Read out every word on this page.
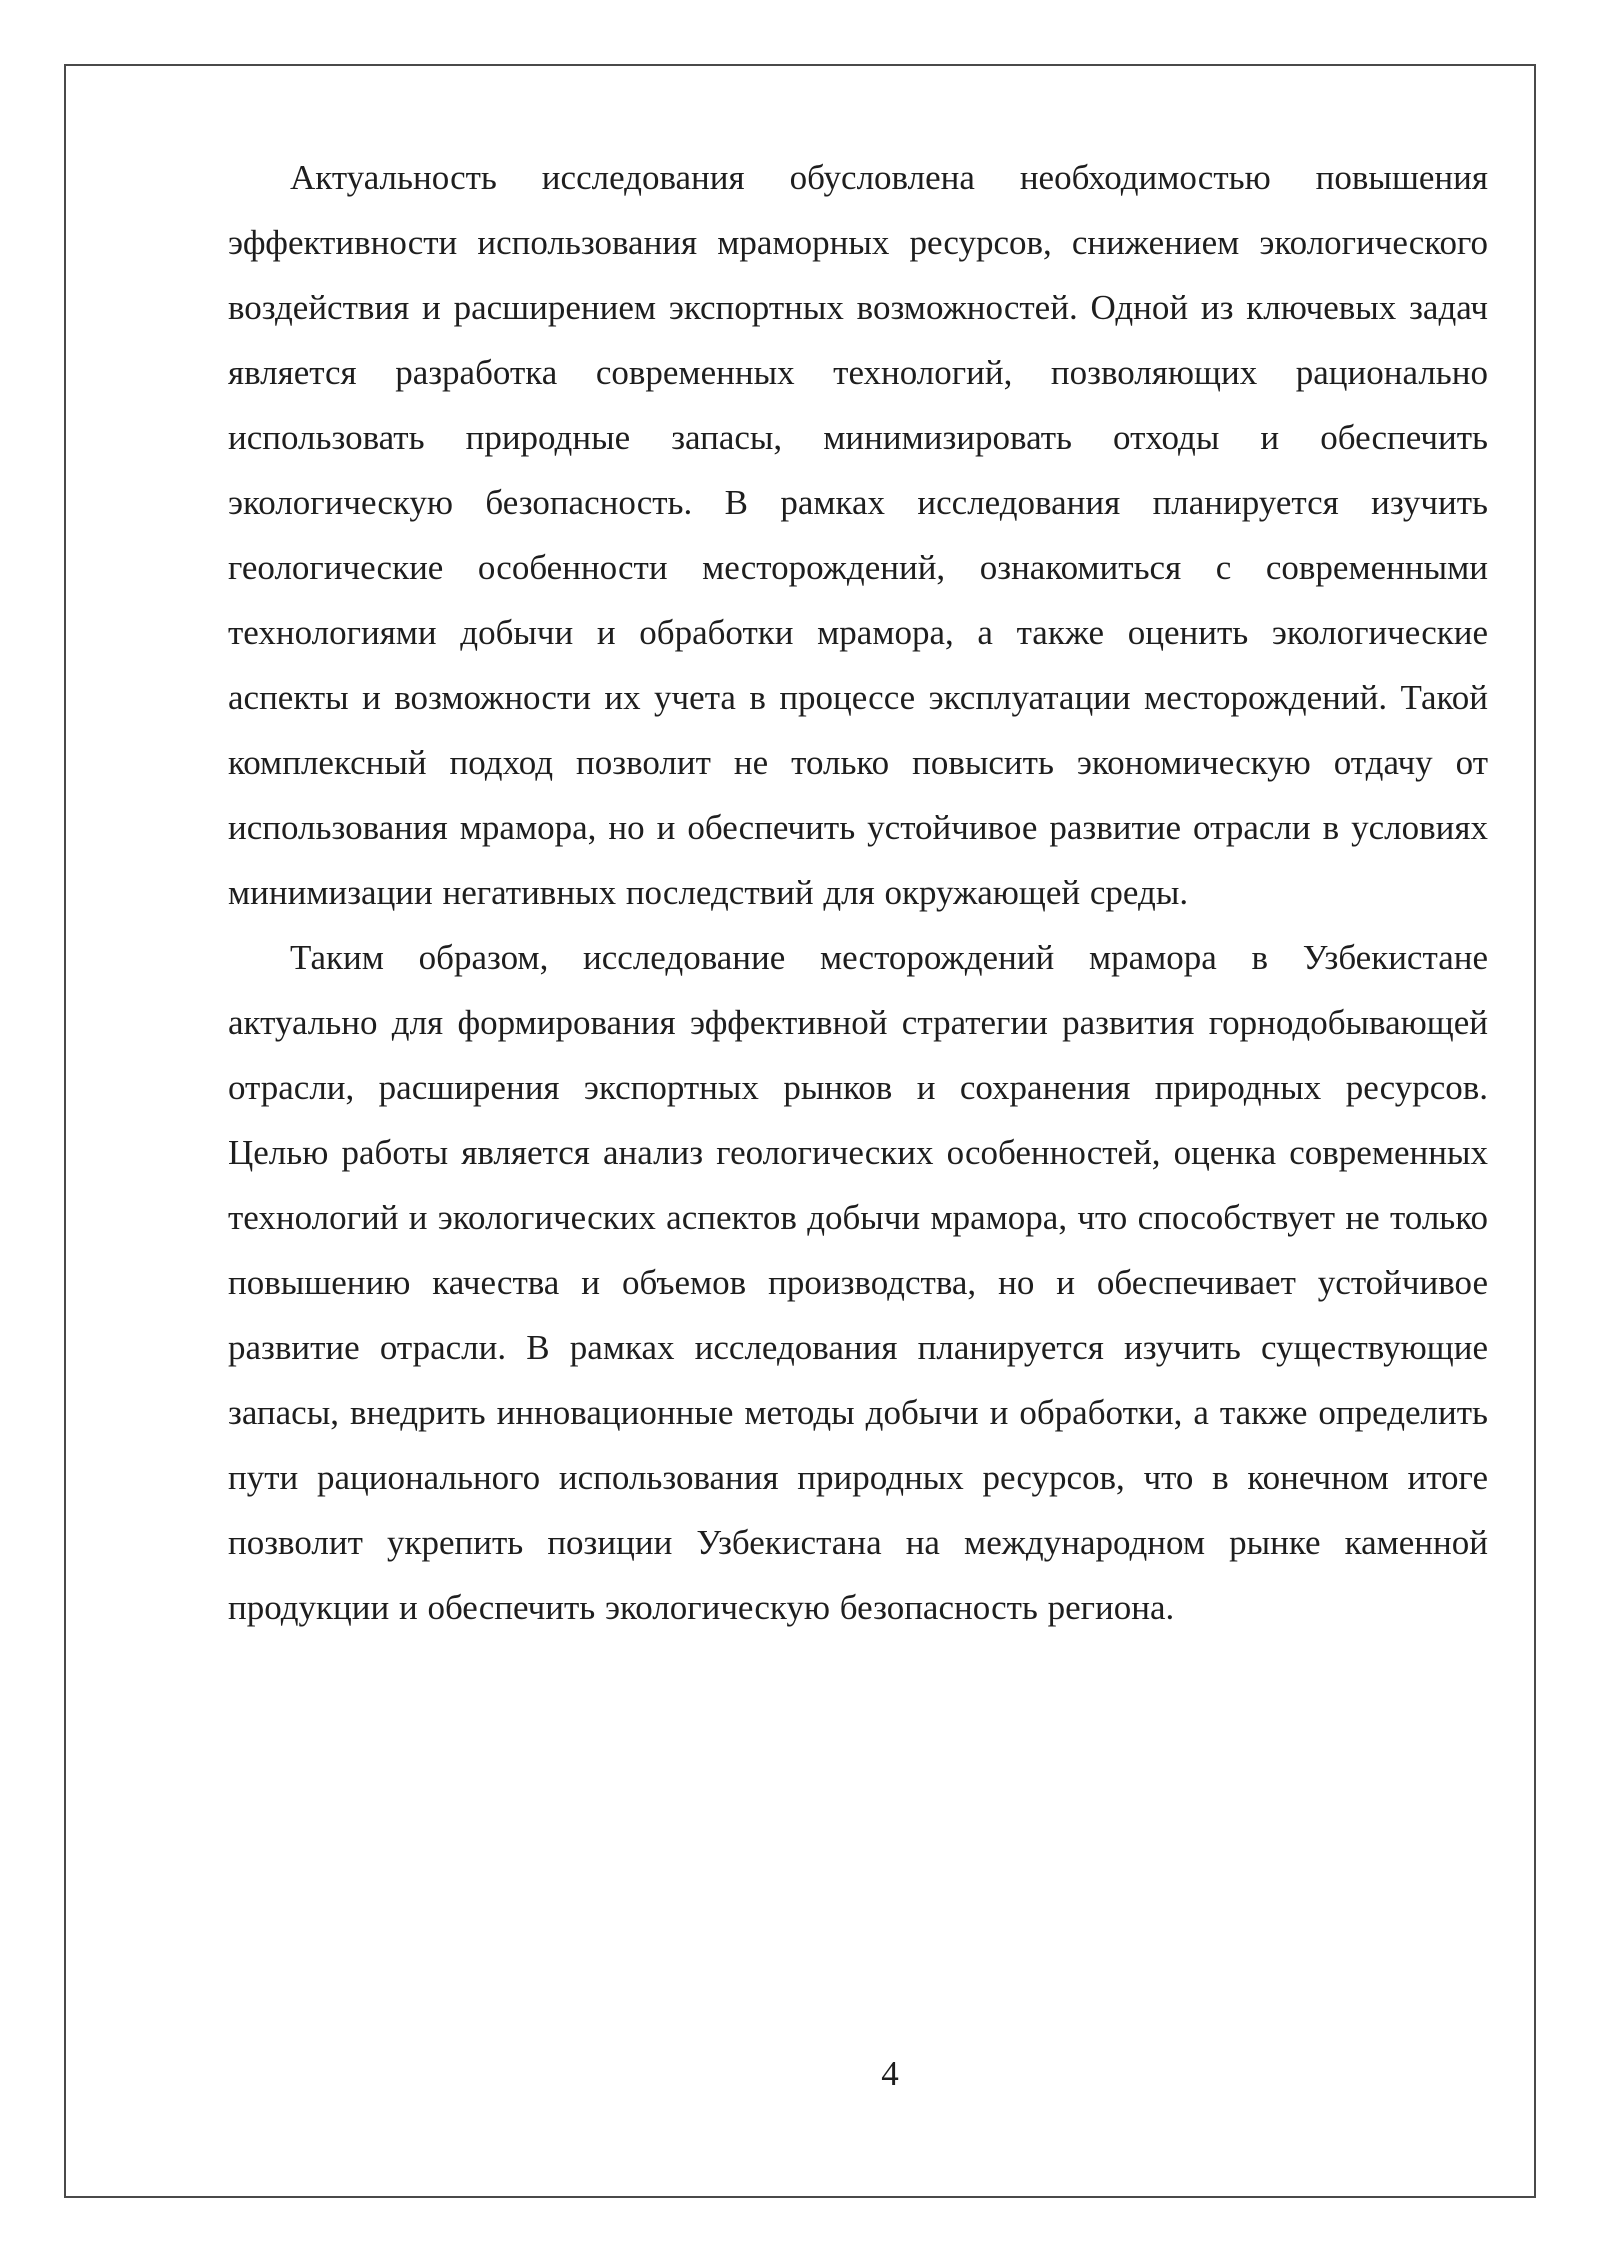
Актуальность исследования обусловлена необходимостью повышения эффективности использования мраморных ресурсов, снижением экологического воздействия и расширением экспортных возможностей. Одной из ключевых задач является разработка современных технологий, позволяющих рационально использовать природные запасы, минимизировать отходы и обеспечить экологическую безопасность. В рамках исследования планируется изучить геологические особенности месторождений, ознакомиться с современными технологиями добычи и обработки мрамора, а также оценить экологические аспекты и возможности их учета в процессе эксплуатации месторождений. Такой комплексный подход позволит не только повысить экономическую отдачу от использования мрамора, но и обеспечить устойчивое развитие отрасли в условиях минимизации негативных последствий для окружающей среды.

Таким образом, исследование месторождений мрамора в Узбекистане актуально для формирования эффективной стратегии развития горнодобывающей отрасли, расширения экспортных рынков и сохранения природных ресурсов. Целью работы является анализ геологических особенностей, оценка современных технологий и экологических аспектов добычи мрамора, что способствует не только повышению качества и объемов производства, но и обеспечивает устойчивое развитие отрасли. В рамках исследования планируется изучить существующие запасы, внедрить инновационные методы добычи и обработки, а также определить пути рационального использования природных ресурсов, что в конечном итоге позволит укрепить позиции Узбекистана на международном рынке каменной продукции и обеспечить экологическую безопасность региона.

4
